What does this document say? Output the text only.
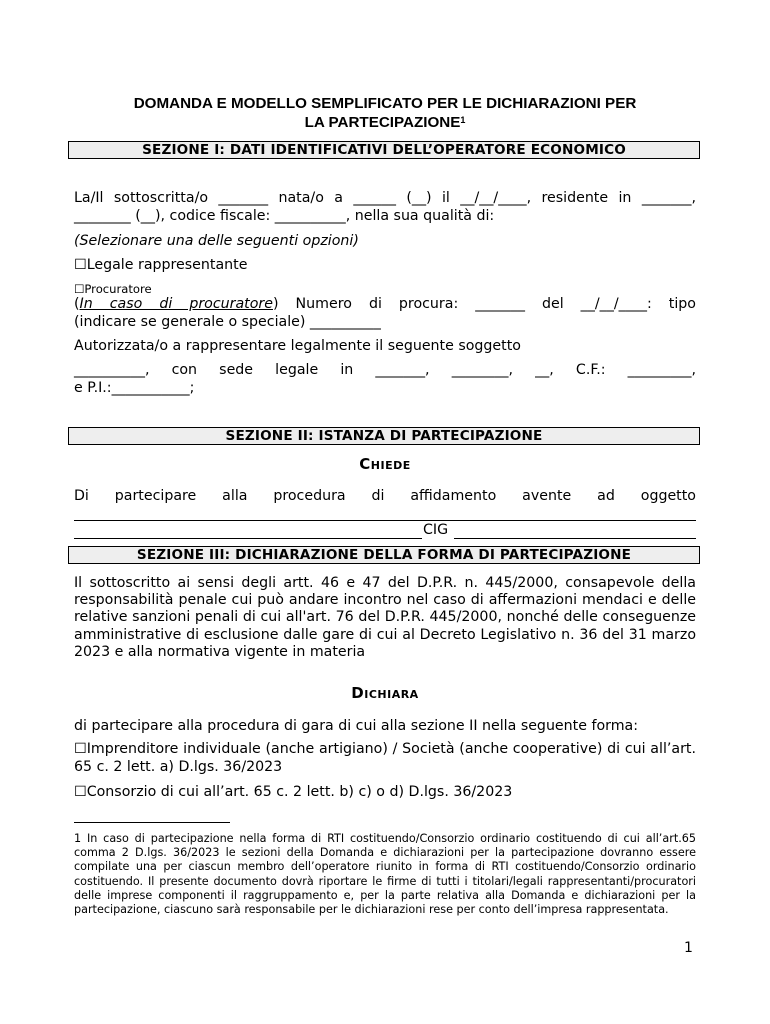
DOMANDA E MODELLO SEMPLIFICATO PER LE DICHIARAZIONI PER
LA PARTECIPAZIONE$^1$
SEZIONE I: DATI IDENTIFICATIVI DELL’OPERATORE ECONOMICO
La/Il sottoscritta/o _______ nata/o a ______ (__) il __/__/____, residente in _______,
________ (__), codice fiscale: __________, nella sua qualità di:
(Selezionare una delle seguenti opzioni)
☐Legale rappresentante
☐Procuratore
(In caso di procuratore) Numero di procura: _______ del __/__/____: tipo
(indicare se generale o speciale) __________
Autorizzata/o a rappresentare legalmente il seguente soggetto
__________, con sede legale in _______, ________, __, C.F.: _________,
e P.I.:___________;
SEZIONE II: ISTANZA DI PARTECIPAZIONE
Chiede
Di partecipare alla procedura di affidamento avente ad oggetto
CIG
SEZIONE III: DICHIARAZIONE DELLA FORMA DI PARTECIPAZIONE
Il sottoscritto ai sensi degli artt. 46 e 47 del D.P.R. n. 445/2000, consapevole della responsabilità penale cui può andare incontro nel caso di affermazioni mendaci e delle relative sanzioni penali di cui all'art. 76 del D.P.R. 445/2000, nonché delle conseguenze amministrative di esclusione dalle gare di cui al Decreto Legislativo n. 36 del 31 marzo 2023 e alla normativa vigente in materia
Dichiara
di partecipare alla procedura di gara di cui alla sezione II nella seguente forma:
☐Imprenditore individuale (anche artigiano) / Società (anche cooperative) di cui all’art. 65 c. 2 lett. a) D.lgs. 36/2023
☐Consorzio di cui all’art. 65 c. 2 lett. b) c) o d) D.lgs. 36/2023
1 In caso di partecipazione nella forma di RTI costituendo/Consorzio ordinario costituendo di cui all’art.65 comma 2 D.lgs. 36/2023 le sezioni della Domanda e dichiarazioni per la partecipazione dovranno essere compilate una per ciascun membro dell’operatore riunito in forma di RTI costituendo/Consorzio ordinario costituendo. Il presente documento dovrà riportare le firme di tutti i titolari/legali rappresentanti/procuratori delle imprese componenti il raggruppamento e, per la parte relativa alla Domanda e dichiarazioni per la partecipazione, ciascuno sarà responsabile per le dichiarazioni rese per conto dell’impresa rappresentata.
1
